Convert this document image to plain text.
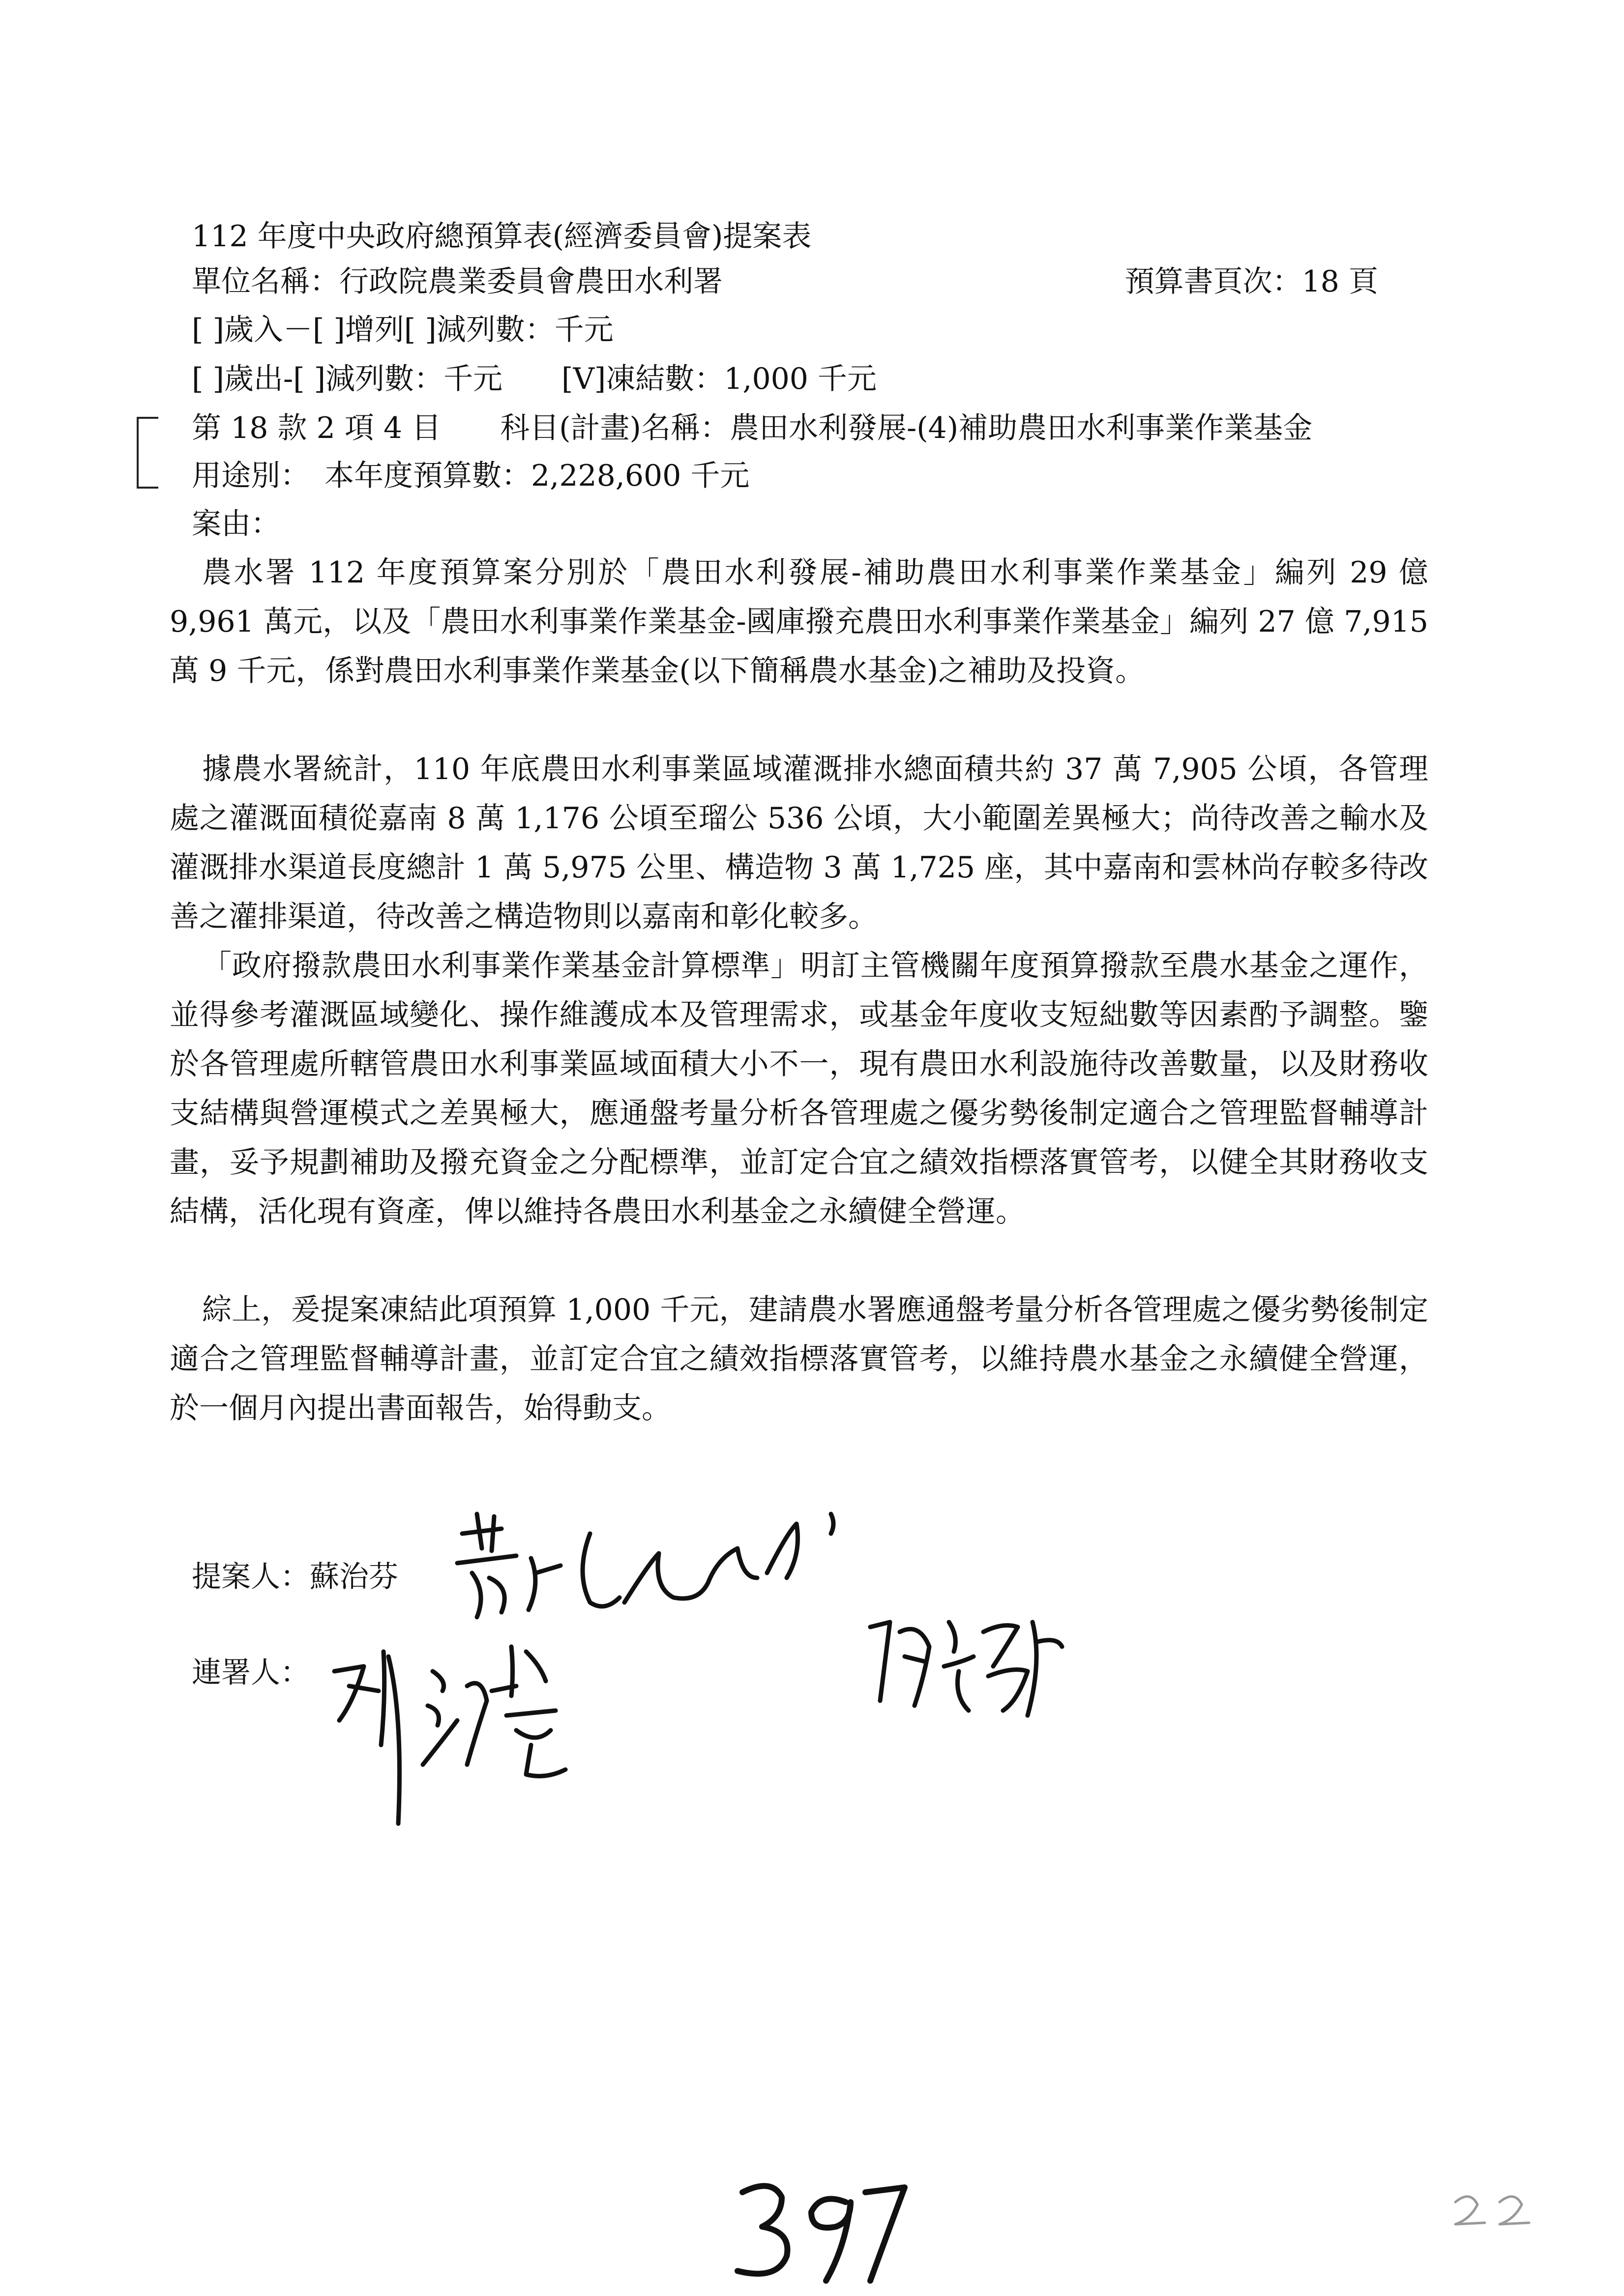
112 年度中央政府總預算表(經濟委員會)提案表
單位名稱：行政院農業委員會農田水利署	預算書頁次：18 頁
[ ]歲入－[ ]增列[ ]減列數：千元
[ ]歲出-[ ]減列數：千元　　[V]凍結數：1,000 千元
第 18 款 2 項 4 目　　科目(計畫)名稱：農田水利發展-(4)補助農田水利事業作業基金
用途別：　本年度預算數：2,228,600 千元
案由：
農水署 112 年度預算案分別於「農田水利發展-補助農田水利事業作業基金」編列 29 億 9,961 萬元，以及「農田水利事業作業基金-國庫撥充農田水利事業作業基金」編列 27 億 7,915 萬 9 千元，係對農田水利事業作業基金(以下簡稱農水基金)之補助及投資。
據農水署統計，110 年底農田水利事業區域灌溉排水總面積共約 37 萬 7,905 公頃，各管理處之灌溉面積從嘉南 8 萬 1,176 公頃至瑠公 536 公頃，大小範圍差異極大；尚待改善之輸水及灌溉排水渠道長度總計 1 萬 5,975 公里、構造物 3 萬 1,725 座，其中嘉南和雲林尚存較多待改善之灌排渠道，待改善之構造物則以嘉南和彰化較多。
「政府撥款農田水利事業作業基金計算標準」明訂主管機關年度預算撥款至農水基金之運作，並得參考灌溉區域變化、操作維護成本及管理需求，或基金年度收支短絀數等因素酌予調整。鑒於各管理處所轄管農田水利事業區域面積大小不一，現有農田水利設施待改善數量，以及財務收支結構與營運模式之差異極大，應通盤考量分析各管理處之優劣勢後制定適合之管理監督輔導計畫，妥予規劃補助及撥充資金之分配標準，並訂定合宜之績效指標落實管考，以健全其財務收支結構，活化現有資產，俾以維持各農田水利基金之永續健全營運。
綜上，爰提案凍結此項預算 1,000 千元，建請農水署應通盤考量分析各管理處之優劣勢後制定適合之管理監督輔導計畫，並訂定合宜之績效指標落實管考，以維持農水基金之永續健全營運，於一個月內提出書面報告，始得動支。
提案人：蘇治芬
連署人：
